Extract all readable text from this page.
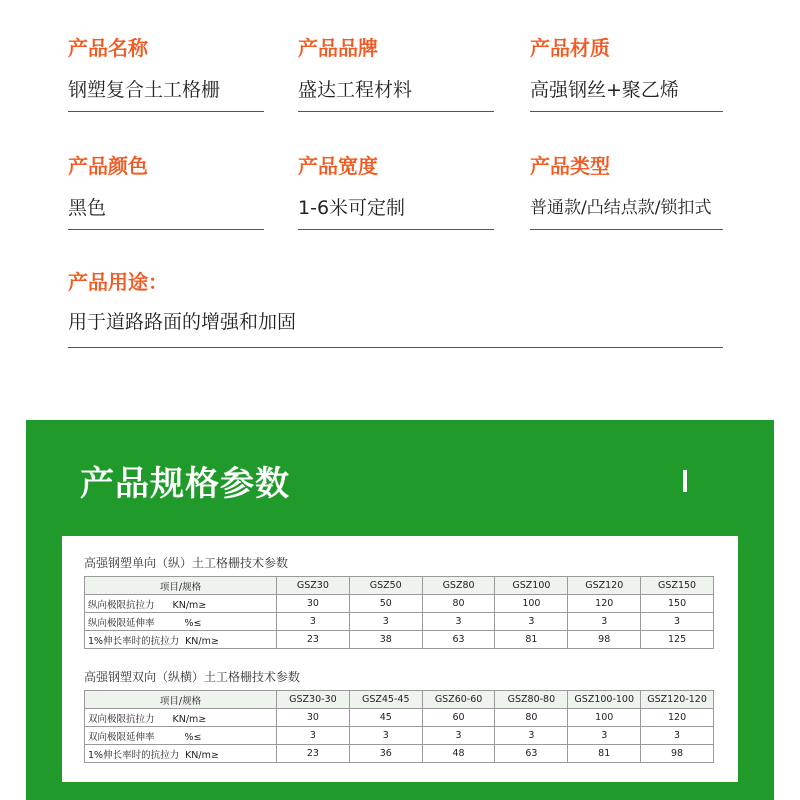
产品名称
钢塑复合土工格栅
产品品牌
盛达工程材料
产品材质
高强钢丝+聚乙烯
产品颜色
黑色
产品宽度
1-6米可定制
产品类型
普通款/凸结点款/锁扣式
产品用途：
用于道路路面的增强和加固
产品规格参数
高强钢塑单向（纵）土工格栅技术参数
项目/规格	GSZ30	GSZ50	GSZ80	GSZ100	GSZ120	GSZ150
纵向极限抗拉力 KN/m≥	30	50	80	100	120	150
纵向极限延伸率 %≤	3	3	3	3	3	3
1%伸长率时的抗拉力 KN/m≥	23	38	63	81	98	125
高强钢塑双向（纵横）土工格栅技术参数
项目/规格	GSZ30-30	GSZ45-45	GSZ60-60	GSZ80-80	GSZ100-100	GSZ120-120
双向极限抗拉力 KN/m≥	30	45	60	80	100	120
双向极限延伸率 %≤	3	3	3	3	3	3
1%伸长率时的抗拉力 KN/m≥	23	36	48	63	81	98
